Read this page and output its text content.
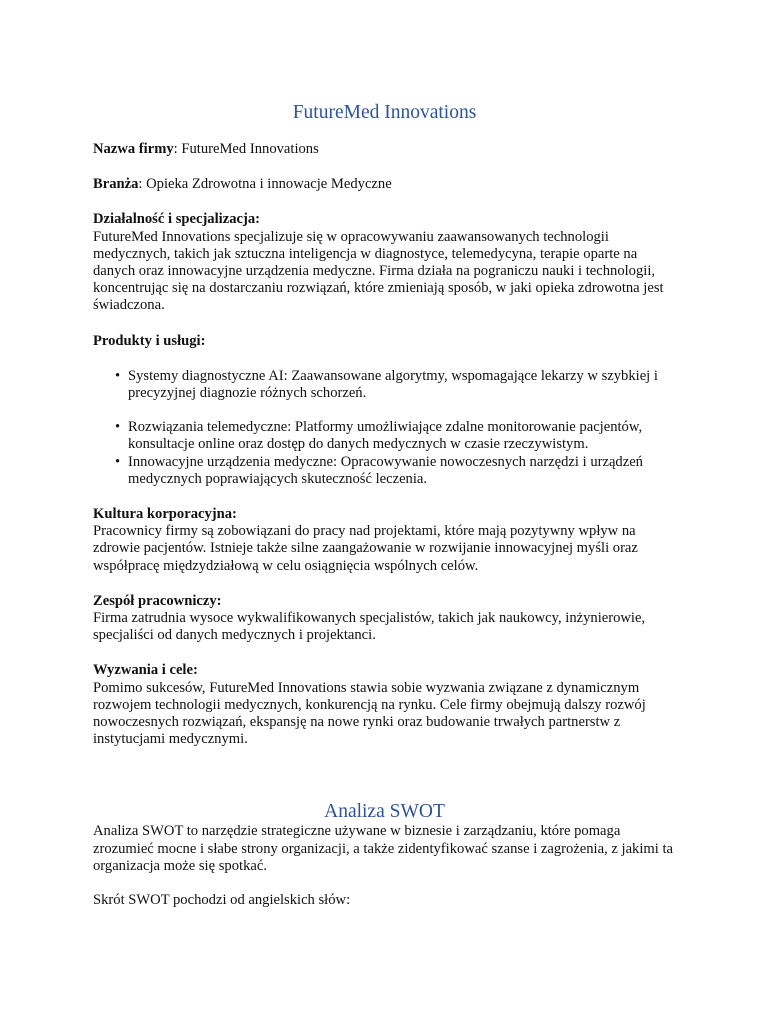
FutureMed Innovations

Nazwa firmy: FutureMed Innovations

Branża: Opieka Zdrowotna i innowacje Medyczne

Działalność i specjalizacja:

FutureMed Innovations specjalizuje się w opracowywaniu zaawansowanych technologii medycznych, takich jak sztuczna inteligencja w diagnostyce, telemedycyna, terapie oparte na danych oraz innowacyjne urządzenia medyczne. Firma działa na pograniczu nauki i technologii, koncentrując się na dostarczaniu rozwiązań, które zmieniają sposób, w jaki opieka zdrowotna jest świadczona.

Produkty i usługi:

• Systemy diagnostyczne AI: Zaawansowane algorytmy, wspomagające lekarzy w szybkiej i precyzyjnej diagnozie różnych schorzeń.
• Rozwiązania telemedyczne: Platformy umożliwiające zdalne monitorowanie pacjentów, konsultacje online oraz dostęp do danych medycznych w czasie rzeczywistym.
• Innowacyjne urządzenia medyczne: Opracowywanie nowoczesnych narzędzi i urządzeń medycznych poprawiających skuteczność leczenia.

Kultura korporacyjna:

Pracownicy firmy są zobowiązani do pracy nad projektami, które mają pozytywny wpływ na zdrowie pacjentów. Istnieje także silne zaangażowanie w rozwijanie innowacyjnej myśli oraz współpracę międzydziałową w celu osiągnięcia wspólnych celów.

Zespół pracowniczy:

Firma zatrudnia wysoce wykwalifikowanych specjalistów, takich jak naukowcy, inżynierowie, specjaliści od danych medycznych i projektanci.

Wyzwania i cele:

Pomimo sukcesów, FutureMed Innovations stawia sobie wyzwania związane z dynamicznym rozwojem technologii medycznych, konkurencją na rynku. Cele firmy obejmują dalszy rozwój nowoczesnych rozwiązań, ekspansję na nowe rynki oraz budowanie trwałych partnerstw z instytucjami medycznymi.

Analiza SWOT

Analiza SWOT to narzędzie strategiczne używane w biznesie i zarządzaniu, które pomaga zrozumieć mocne i słabe strony organizacji, a także zidentyfikować szanse i zagrożenia, z jakimi ta organizacja może się spotkać.

Skrót SWOT pochodzi od angielskich słów:
